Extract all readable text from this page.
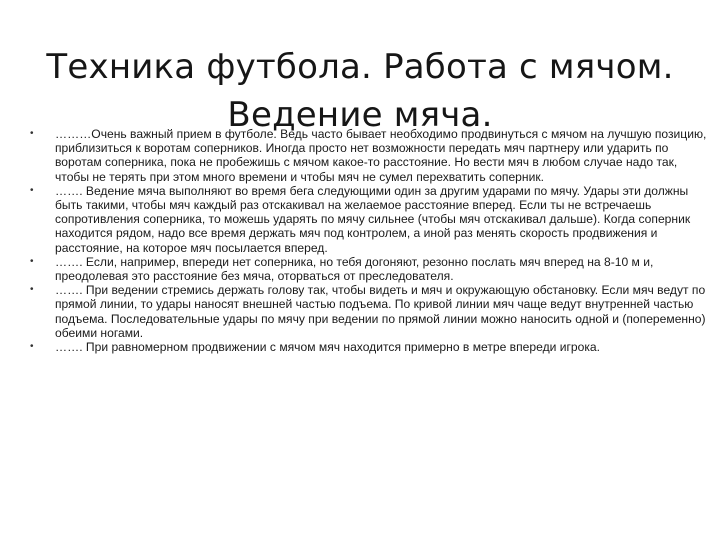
Техника футбола. Работа с мячом.
Ведение мяча.
• ………Очень важный прием в футболе. Ведь часто бывает необходимо продвинуться с мячом на лучшую позицию, приблизиться к воротам соперников. Иногда просто нет возможности передать мяч партнеру или ударить по воротам соперника, пока не пробежишь с мячом какое-то расстояние. Но вести мяч в любом случае надо так, чтобы не терять при этом много времени и чтобы мяч не сумел перехватить соперник.
• ……. Ведение мяча выполняют во время бега следующими один за другим ударами по мячу. Удары эти должны быть такими, чтобы мяч каждый раз отскакивал на желаемое расстояние вперед. Если ты не встречаешь сопротивления соперника, то можешь ударять по мячу сильнее (чтобы мяч отскакивал дальше). Когда соперник находится рядом, надо все время держать мяч под контролем, а иной раз менять скорость продвижения и расстояние, на которое мяч посылается вперед.
• ……. Если, например, впереди нет соперника, но тебя догоняют, резонно послать мяч вперед на 8-10 м и, преодолевая это расстояние без мяча, оторваться от преследователя.
• ……. При ведении стремись держать голову так, чтобы видеть и мяч и окружающую обстановку. Если мяч ведут по прямой линии, то удары наносят внешней частью подъема. По кривой линии мяч чаще ведут внутренней частью подъема. Последовательные удары по мячу при ведении по прямой линии можно наносить одной и (попеременно) обеими ногами.
• ……. При равномерном продвижении с мячом мяч находится примерно в метре впереди игрока.
